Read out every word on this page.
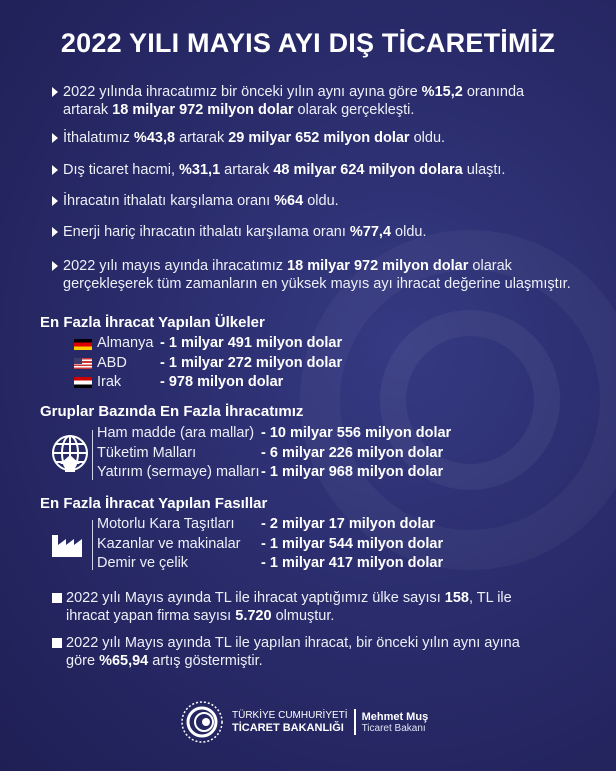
2022 YILI MAYIS AYI DIŞ TİCARETİMİZ
2022 yılında ihracatımız bir önceki yılın aynı ayına göre %15,2 oranında artarak 18 milyar 972 milyon dolar olarak gerçekleşti.
İthalatımız %43,8 artarak 29 milyar 652 milyon dolar oldu.
Dış ticaret hacmi, %31,1 artarak 48 milyar 624 milyon dolara ulaştı.
İhracatın ithalatı karşılama oranı %64 oldu.
Enerji hariç ihracatın ithalatı karşılama oranı %77,4 oldu.
2022 yılı mayıs ayında ihracatımız 18 milyar 972 milyon dolar olarak gerçekleşerek tüm zamanların en yüksek mayıs ayı ihracat değerine ulaşmıştır.
En Fazla İhracat Yapılan Ülkeler
Almanya - 1 milyar 491 milyon dolar
ABD - 1 milyar 272 milyon dolar
Irak	- 978 milyon dolar
Gruplar Bazında En Fazla İhracatımız
Ham madde (ara mallar) - 10 milyar 556 milyon dolar
Tüketim Malları	- 6 milyar 226 milyon dolar
Yatırım (sermaye) malları - 1 milyar 968 milyon dolar
En Fazla İhracat Yapılan Fasıllar
Motorlu Kara Taşıtları - 2 milyar 17 milyon dolar
Kazanlar ve makinalar - 1 milyar 544 milyon dolar
Demir ve çelik	- 1 milyar 417 milyon dolar
2022 yılı Mayıs ayında TL ile ihracat yaptığımız ülke sayısı 158, TL ile ihracat yapan firma sayısı 5.720 olmuştur.
2022 yılı Mayıs ayında TL ile yapılan ihracat, bir önceki yılın aynı ayına göre %65,94 artış göstermiştir.
TÜRKİYE CUMHURİYETİ
TİCARET BAKANLIĞI
Mehmet Muş
Ticaret Bakanı
